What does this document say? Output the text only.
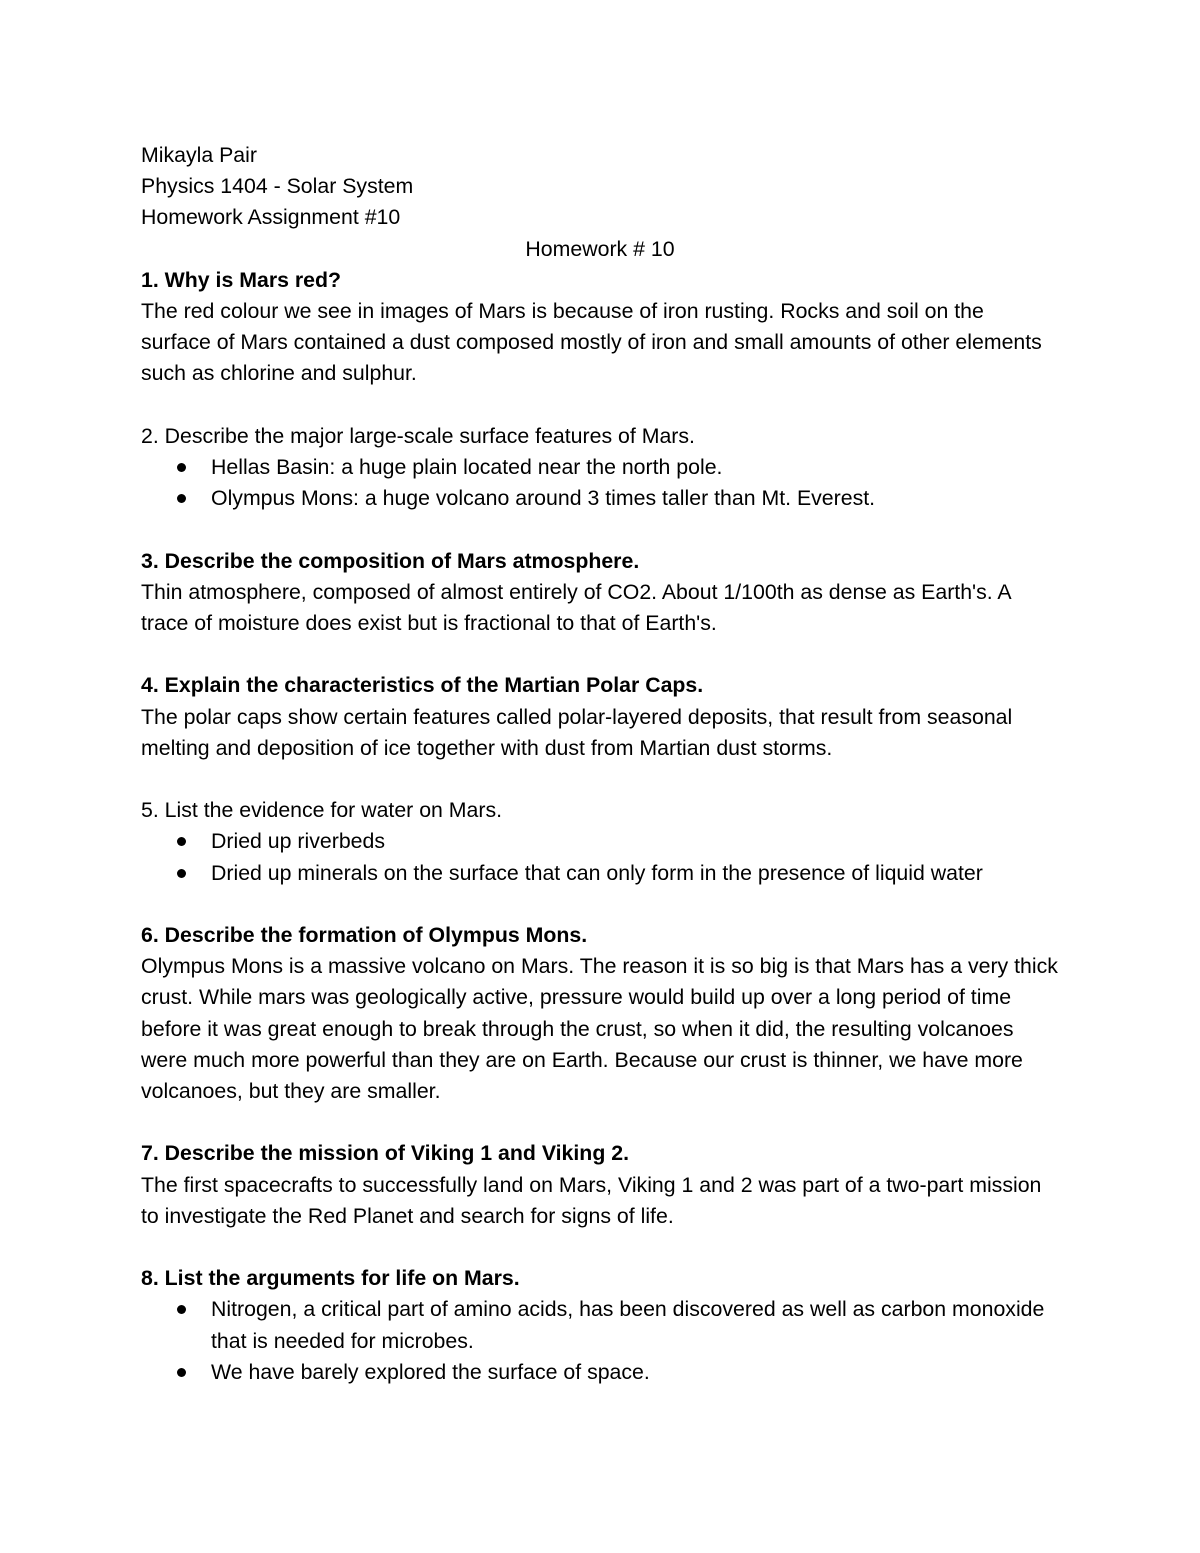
Mikayla Pair

Physics 1404 - Solar System

Homework Assignment #10

Homework # 10

1. Why is Mars red?

The red colour we see in images of Mars is because of iron rusting. Rocks and soil on the surface of Mars contained a dust composed mostly of iron and small amounts of other elements such as chlorine and sulphur.

2. Describe the major large-scale surface features of Mars.

Hellas Basin: a huge plain located near the north pole.
Olympus Mons: a huge volcano around 3 times taller than Mt. Everest.

3. Describe the composition of Mars atmosphere.

Thin atmosphere, composed of almost entirely of CO2. About 1/100th as dense as Earth's. A trace of moisture does exist but is fractional to that of Earth's.

4. Explain the characteristics of the Martian Polar Caps.

The polar caps show certain features called polar-layered deposits, that result from seasonal melting and deposition of ice together with dust from Martian dust storms.

5. List the evidence for water on Mars.

Dried up riverbeds
Dried up minerals on the surface that can only form in the presence of liquid water

6. Describe the formation of Olympus Mons.

Olympus Mons is a massive volcano on Mars. The reason it is so big is that Mars has a very thick crust. While mars was geologically active, pressure would build up over a long period of time before it was great enough to break through the crust, so when it did, the resulting volcanoes were much more powerful than they are on Earth. Because our crust is thinner, we have more volcanoes, but they are smaller.

7. Describe the mission of Viking 1 and Viking 2.

The first spacecrafts to successfully land on Mars, Viking 1 and 2 was part of a two-part mission to investigate the Red Planet and search for signs of life.

8. List the arguments for life on Mars.

Nitrogen, a critical part of amino acids, has been discovered as well as carbon monoxide that is needed for microbes.
We have barely explored the surface of space.
